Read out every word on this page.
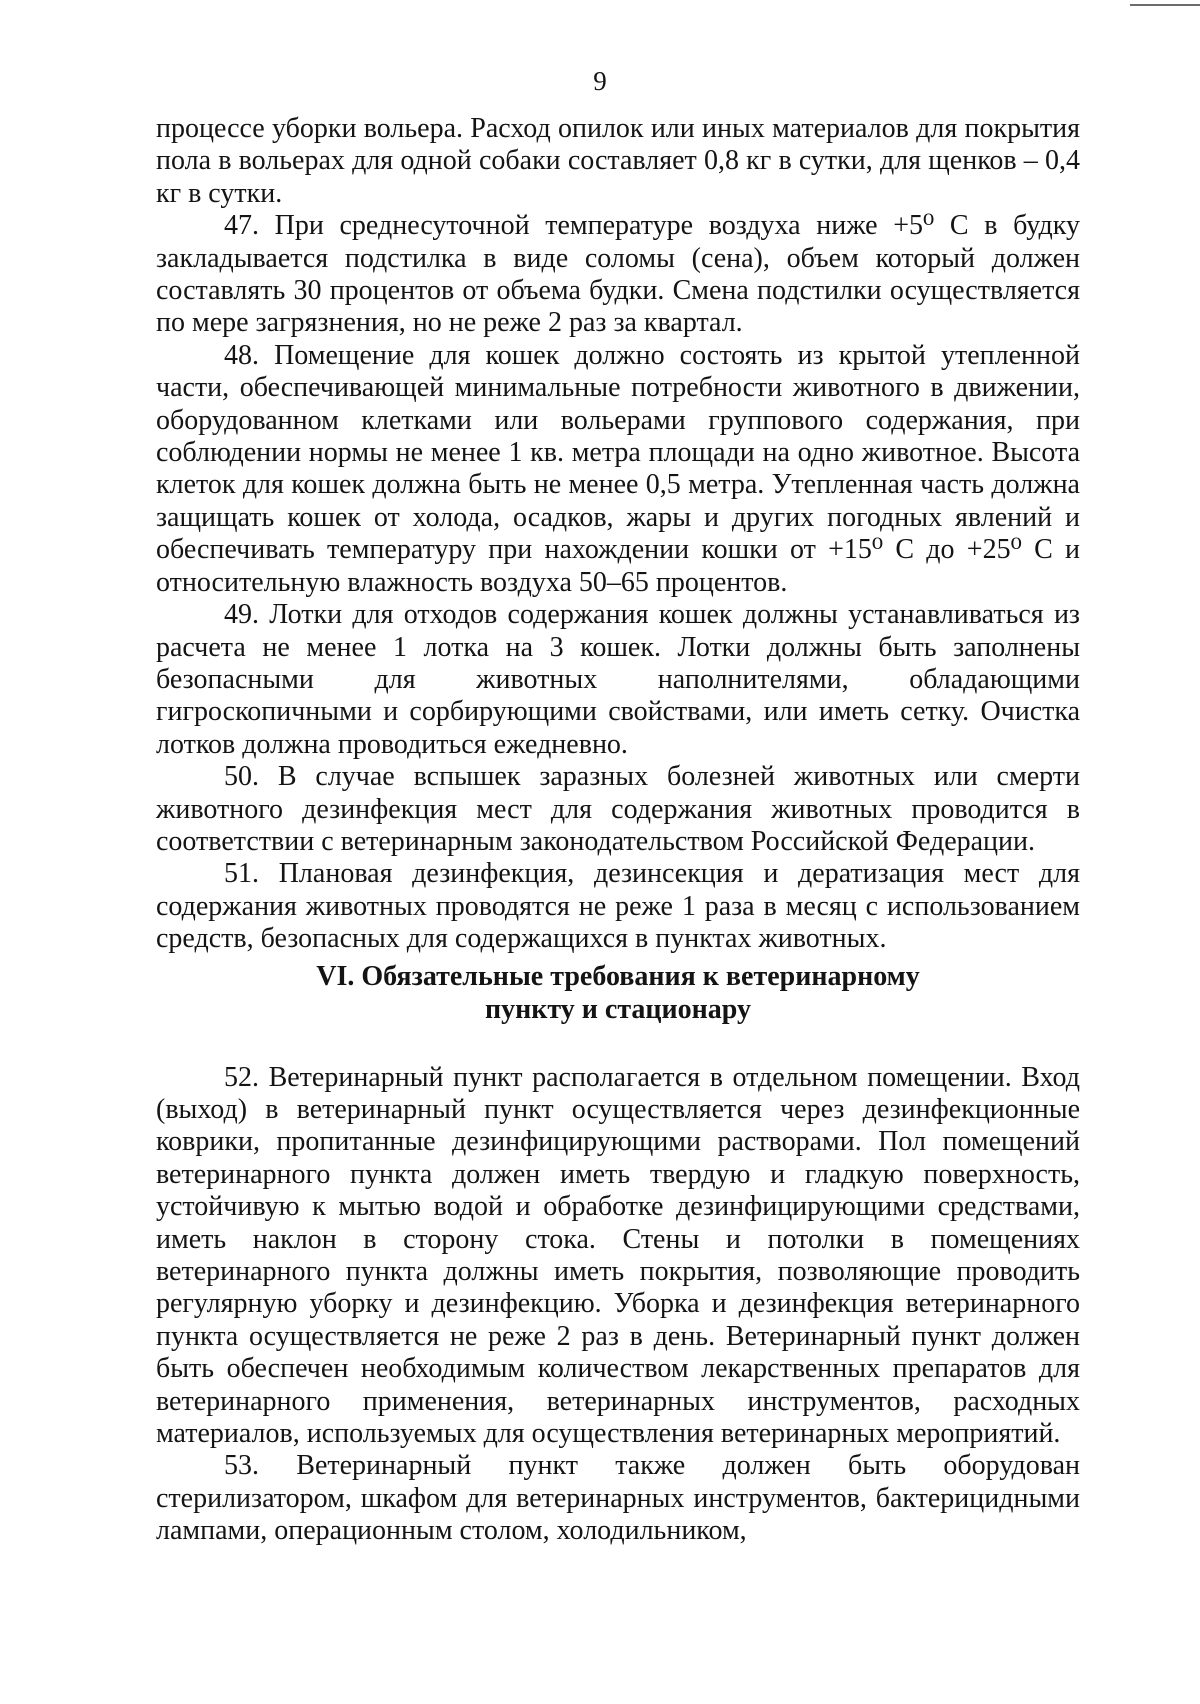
9

процессе уборки вольера. Расход опилок или иных материалов для покрытия пола в вольерах для одной собаки составляет 0,8 кг в сутки, для щенков – 0,4 кг в сутки.

47. При среднесуточной температуре воздуха ниже +5⁰ С в будку закладывается подстилка в виде соломы (сена), объем который должен составлять 30 процентов от объема будки. Смена подстилки осуществляется по мере загрязнения, но не реже 2 раз за квартал.

48. Помещение для кошек должно состоять из крытой утепленной части, обеспечивающей минимальные потребности животного в движении, оборудованном клетками или вольерами группового содержания, при соблюдении нормы не менее 1 кв. метра площади на одно животное. Высота клеток для кошек должна быть не менее 0,5 метра. Утепленная часть должна защищать кошек от холода, осадков, жары и других погодных явлений и обеспечивать температуру при нахождении кошки от +15⁰ С до +25⁰ С и относительную влажность воздуха 50–65 процентов.

49. Лотки для отходов содержания кошек должны устанавливаться из расчета не менее 1 лотка на 3 кошек. Лотки должны быть заполнены безопасными для животных наполнителями, обладающими гигроскопичными и сорбирующими свойствами, или иметь сетку. Очистка лотков должна проводиться ежедневно.

50. В случае вспышек заразных болезней животных или смерти животного дезинфекция мест для содержания животных проводится в соответствии с ветеринарным законодательством Российской Федерации.

51. Плановая дезинфекция, дезинсекция и дератизация мест для содержания животных проводятся не реже 1 раза в месяц с использованием средств, безопасных для содержащихся в пунктах животных.

VI. Обязательные требования к ветеринарному
пункту и стационару

52. Ветеринарный пункт располагается в отдельном помещении. Вход (выход) в ветеринарный пункт осуществляется через дезинфекционные коврики, пропитанные дезинфицирующими растворами. Пол помещений ветеринарного пункта должен иметь твердую и гладкую поверхность, устойчивую к мытью водой и обработке дезинфицирующими средствами, иметь наклон в сторону стока. Стены и потолки в помещениях ветеринарного пункта должны иметь покрытия, позволяющие проводить регулярную уборку и дезинфекцию. Уборка и дезинфекция ветеринарного пункта осуществляется не реже 2 раз в день. Ветеринарный пункт должен быть обеспечен необходимым количеством лекарственных препаратов для ветеринарного применения, ветеринарных инструментов, расходных материалов, используемых для осуществления ветеринарных мероприятий.

53. Ветеринарный пункт также должен быть оборудован стерилизатором, шкафом для ветеринарных инструментов, бактерицидными лампами, операционным столом, холодильником,
